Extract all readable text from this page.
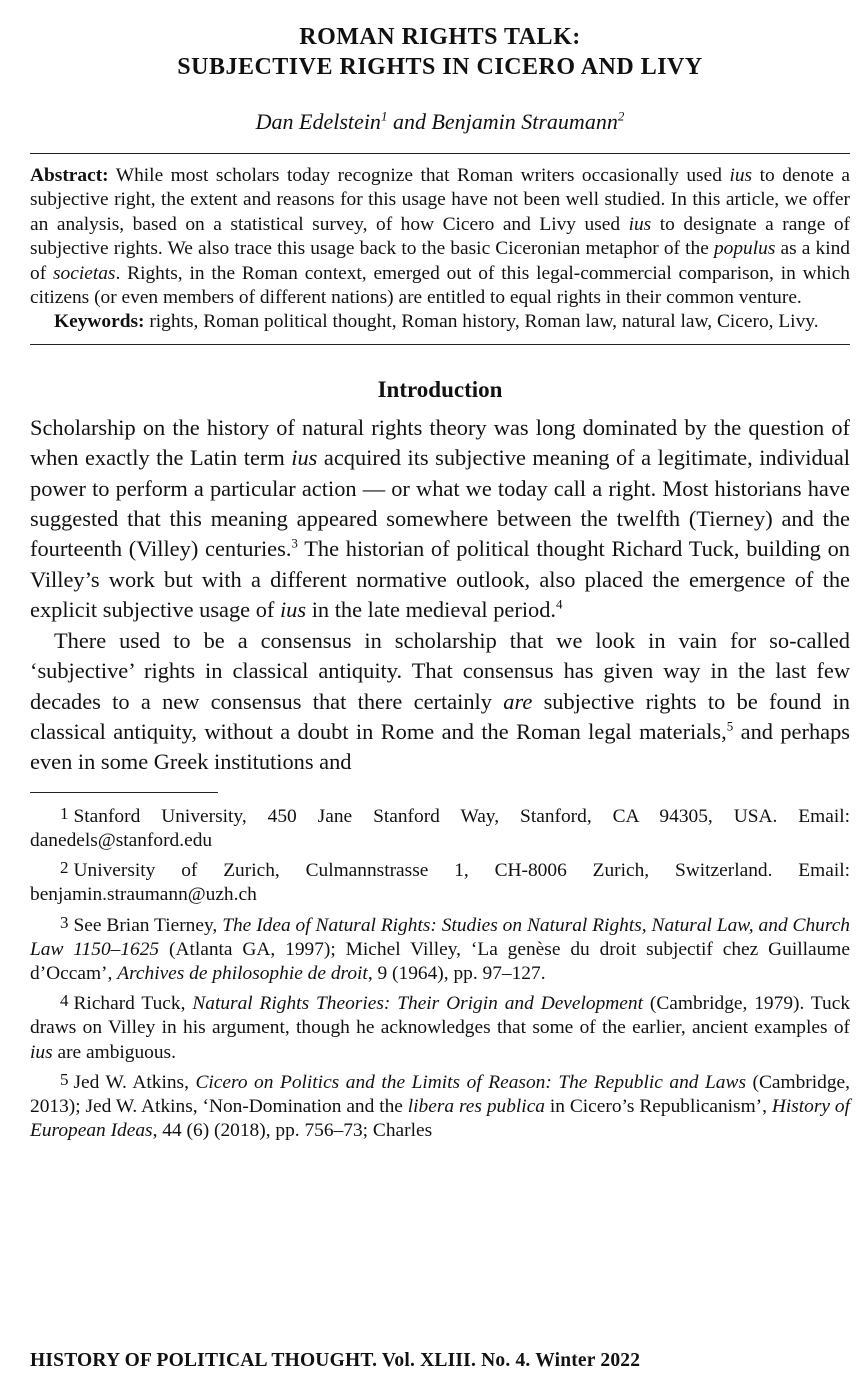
ROMAN RIGHTS TALK:
SUBJECTIVE RIGHTS IN CICERO AND LIVY
Dan Edelstein$^1$ and Benjamin Straumann$^2$

Abstract: While most scholars today recognize that Roman writers occasionally used ius to denote a subjective right, the extent and reasons for this usage have not been well studied. In this article, we offer an analysis, based on a statistical survey, of how Cicero and Livy used ius to designate a range of subjective rights. We also trace this usage back to the basic Ciceronian metaphor of the populus as a kind of societas. Rights, in the Roman context, emerged out of this legal-commercial comparison, in which citizens (or even members of different nations) are entitled to equal rights in their common venture.

Keywords: rights, Roman political thought, Roman history, Roman law, natural law, Cicero, Livy.

Introduction

Scholarship on the history of natural rights theory was long dominated by the question of when exactly the Latin term ius acquired its subjective meaning of a legitimate, individual power to perform a particular action — or what we today call a right. Most historians have suggested that this meaning appeared somewhere between the twelfth (Tierney) and the fourteenth (Villey) centuries.$^3$ The historian of political thought Richard Tuck, building on Villey’s work but with a different normative outlook, also placed the emergence of the explicit subjective usage of ius in the late medieval period.$^4$

There used to be a consensus in scholarship that we look in vain for so-called ‘subjective’ rights in classical antiquity. That consensus has given way in the last few decades to a new consensus that there certainly are subjective rights to be found in classical antiquity, without a doubt in Rome and the Roman legal materials,$^5$ and perhaps even in some Greek institutions and

1 Stanford University, 450 Jane Stanford Way, Stanford, CA 94305, USA. Email: danedels@stanford.edu

2 University of Zurich, Culmannstrasse 1, CH-8006 Zurich, Switzerland. Email: benjamin.straumann@uzh.ch

3 See Brian Tierney, The Idea of Natural Rights: Studies on Natural Rights, Natural Law, and Church Law 1150–1625 (Atlanta GA, 1997); Michel Villey, ‘La genèse du droit subjectif chez Guillaume d’Occam’, Archives de philosophie de droit, 9 (1964), pp. 97–127.

4 Richard Tuck, Natural Rights Theories: Their Origin and Development (Cambridge, 1979). Tuck draws on Villey in his argument, though he acknowledges that some of the earlier, ancient examples of ius are ambiguous.

5 Jed W. Atkins, Cicero on Politics and the Limits of Reason: The Republic and Laws (Cambridge, 2013); Jed W. Atkins, ‘Non-Domination and the libera res publica in Cicero’s Republicanism’, History of European Ideas, 44 (6) (2018), pp. 756–73; Charles

HISTORY OF POLITICAL THOUGHT. Vol. XLIII. No. 4. Winter 2022
